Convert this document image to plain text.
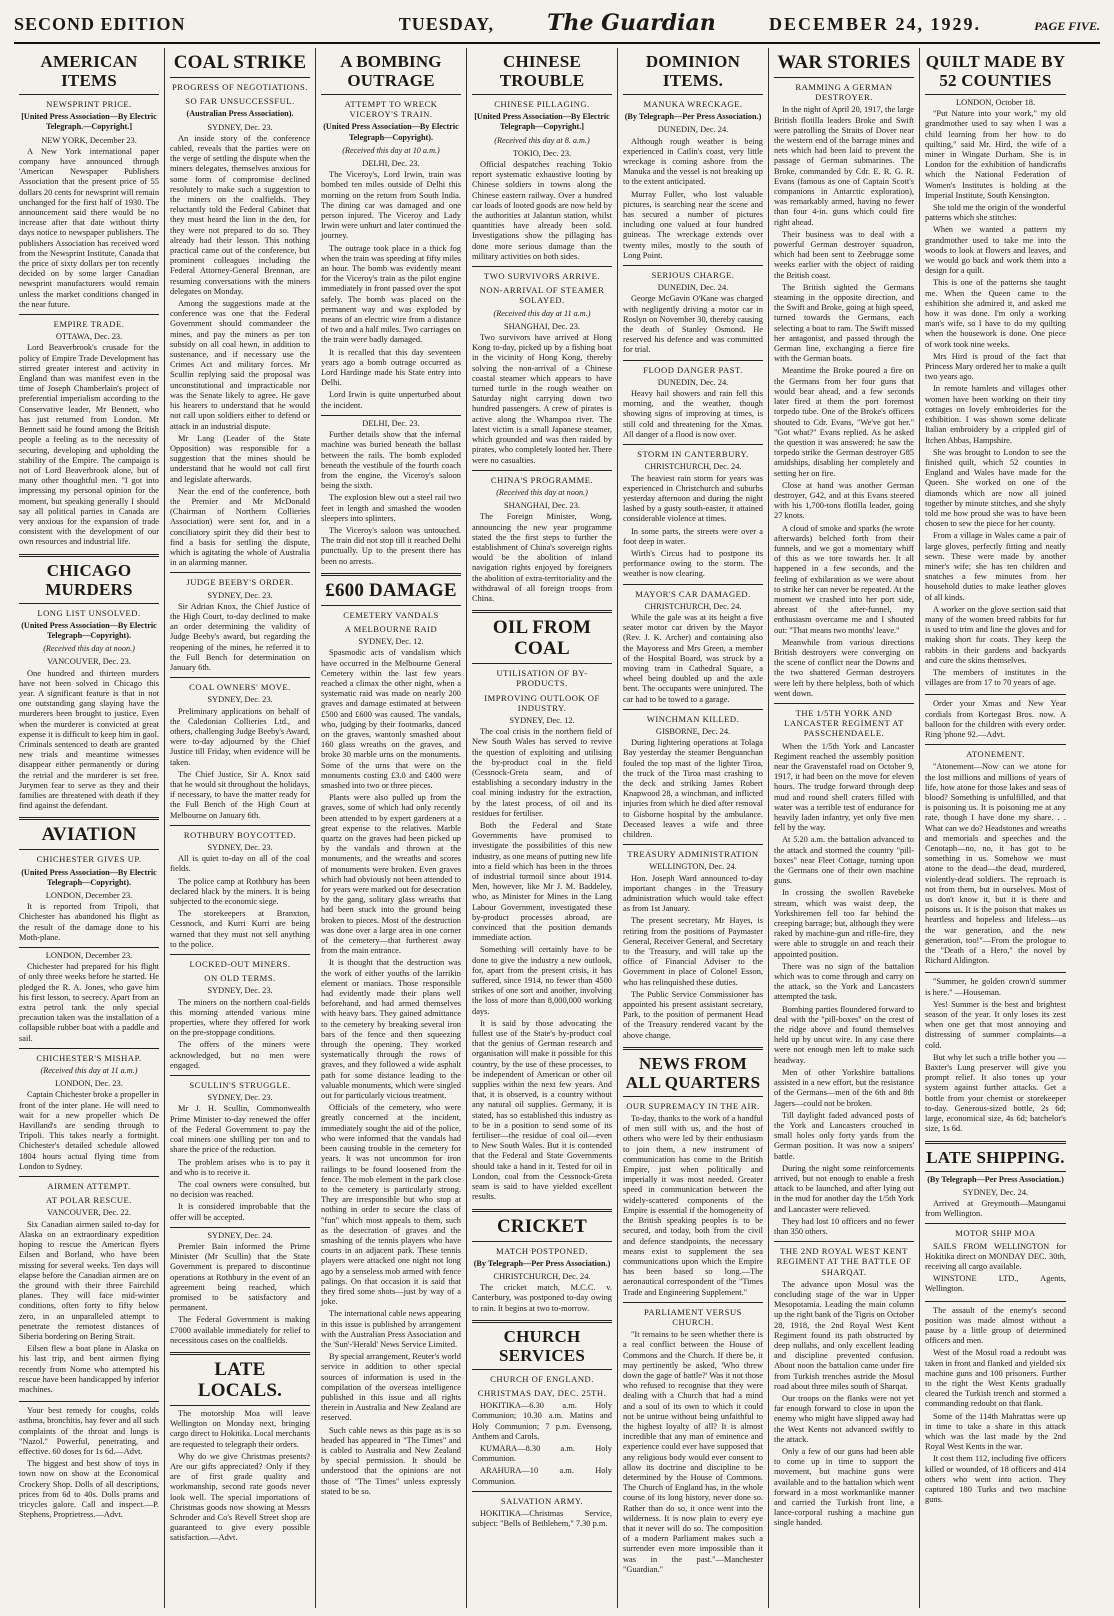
SECOND EDITION	TUESDAY, The Guardian	DECEMBER 24, 1929.	PAGE FIVE.
AMERICAN ITEMS
NEWSPRINT PRICE.
[United Press Association—By Electric Telegraph.—Copyright.]
NEW YORK, December 23.

A New York international paper company have announced through 'American Newspaper Publishers Association that the present price of 55 dollars 20 cents for newsprint will remain unchanged for the first half of 1930. The announcement said there would be no increase after that date without thirty days notice to newspaper publishers. The publishers Association has received word from the Newsprint Institute, Canada that the price of sixty dollars per ton recently decided on by some larger Canadian newsprint manufacturers would remain unless the market conditions changed in the near future.

EMPIRE TRADE.
OTTAWA, Dec. 23.

Lord Beaverbrook's crusade for the policy of Empire Trade Development has stirred greater interest and activity in England than was manifest even in the time of Joseph Chamberlain's project of preferential imperialism according to the Conservative leader, Mr Bennett, who has just returned from London. Mr Bennett said he found among the British people a feeling as to the necessity of securing, developing and upholding the stability of the Empire. The campaign is not of Lord Beaverbrook alone, but of many other thoughtful men. "I got into impressing my personal opinion for the moment, but speaking generally I should say all political parties in Canada are very anxious for the expansion of trade consistent with the development of our own resources and industrial life.

CHICAGO MURDERS
LONG LIST UNSOLVED.
(United Press Association—By Electric Telegraph—Copyright).
(Received this day at noon.)
VANCOUVER, Dec. 23.

One hundred and thirteen murders have not been solved in Chicago this year. A significant feature is that in not one outstanding gang slaying have the murderers been brought to justice. Even when the murderer is convicted at great expense it is difficult to keep him in gaol. Criminals sentenced to death are granted new trials and meantime witnesses disappear either permanently or during the retrial and the murderer is set free. Jurymen fear to serve as they and their families are threatened with death if they find against the defendant.

AVIATION
CHICHESTER GIVES UP.
(United Press Association—By Electric Telegraph—Copyright).
LONDON, December 23.

It is reported from Tripoli, that Chichester has abandoned his flight as the result of the damage done to his Moth-plane.

LONDON, December 23.

Chichester had prepared for his flight of only three weeks before he started. He pledged the R. A. Jones, who gave him his first lesson, to secrecy. Apart from an extra petrol tank the only special precaution taken was the installation of a collapsible rubber boat with a paddle and sail.

CHICHESTER'S MISHAP.
(Received this day at 11 a.m.)
LONDON, Dec. 23.

Captain Chichester broke a propeller in front of the inter plane. He will need to wait for a new propeller which De Havilland's are sending through to Tripoli. This takes nearly a fortnight. Chichester's detailed schedule allowed 1804 hours actual flying time from London to Sydney.

AIRMEN ATTEMPT.
AT POLAR RESCUE.
VANCOUVER, Dec. 22.

Six Canadian airmen sailed to-day for Alaska on an extraordinary expedition hoping to rescue the American flyers Eilsen and Borland, who have been missing for several weeks. Ten days will elapse before the Canadian airmen are on the ground with their three Fairchild planes. They will face mid-winter conditions, often forty to fifty below zero, in an unparalleled attempt to penetrate the remotest distances of Siberia bordering on Bering Strait.

Eilsen flew a boat plane in Alaska on his last trip, and bent airmen flying recently from Nome who attempted his rescue have been handicapped by inferior machines.

Your best remedy for coughs, colds asthma, bronchitis, hay fever and all such complaints of the throat and lungs is "Nazol." Powerful, penetrating, and effective. 60 doses for 1s 6d.—Advt.

The biggest and best show of toys in town now on show at the Economical Crockery Shop. Dolls of all descriptions, prices from 6d to 40s. Dolls prams and tricycles galore. Call and inspect.—P. Stephens, Proprietress.—Advt.

COAL STRIKE
PROGRESS OF NEGOTIATIONS.
SO FAR UNSUCCESSFUL.
(Australian Press Association).
SYDNEY, Dec. 23.

An inside story of the conference cabled, reveals that the parties were on the verge of settling the dispute when the miners delegates, themselves anxious for some form of compromise declined resolutely to make such a suggestion to the miners on the coalfields. They reluctantly told the Federal Cabinet that they must heard the lion in the den, for they were not prepared to do so. They already had their lesson. This nothing practical came out of the conference, but prominent colleagues including the Federal Attorney-General Brennan, are resuming conversations with the miners delegates on Monday.

Among the suggestions made at the conference was one that the Federal Government should commandeer the mines, and pay the miners as per ton subsidy on all coal hewn, in addition to sustenance, and if necessary use the Crimes Act and military forces. Mr Scullin replying said the proposal was unconstitutional and impracticable nor was the Senate likely to agree. He gave his hearers to understand that he would not call upon soldiers either to defend or attack in an industrial dispute.

Mr Lang (Leader of the State Opposition) was responsible for a suggestion that the mines should be understand that he would not call first and legislate afterwards.

Near the end of the conference, both the Premier and Mr McDonald (Chairman of Northern Collieries Association) were sent for, and in a conciliatory spirit they did their best to find a basis for settling the dispute, which is agitating the whole of Australia in an alarming manner.

JUDGE BEEBY'S ORDER.
SYDNEY, Dec. 23.

Sir Adrian Knox, the Chief Justice of the High Court, to-day declined to make an order determining the validity of Judge Beeby's award, but regarding the reopening of the mines, he referred it to the Full Bench for determination on January 6th.

COAL OWNERS' MOVE.
SYDNEY, Dec. 23.

Preliminary applications on behalf of the Caledonian Collieries Ltd., and others, challenging Judge Beeby's Award, were to-day adjourned by the Chief Justice till Friday, when evidence will be taken.

The Chief Justice, Sir A. Knox said that he would sit throughout the holidays, if necessary, to have the matter ready for the Full Bench of the High Court at Melbourne on January 6th.

ROTHBURY BOYCOTTED.
SYDNEY, Dec. 23.

All is quiet to-day on all of the coal fields.

The police camp at Rothbury has been declared black by the miners. It is being subjected to the economic siege.

The storekeepers at Branxton, Cessnock, and Kurri Kurri are being warned that they must not sell anything to the police.

LOCKED-OUT MINERS.
ON OLD TERMS.
SYDNEY, Dec. 23.

The miners on the northern coal-fields this morning attended various mine properties, where they offered for work on the pre-stoppage conditions.

The offers of the miners were acknowledged, but no men were engaged.

SCULLIN'S STRUGGLE.
SYDNEY, Dec. 23.

Mr J. H. Scullin, Commonwealth Prime Minister to-day renewed the offer of the Federal Government to pay the coal miners one shilling per ton and to share the price of the reduction.

The problem arises who is to pay it and who is to receive it.

The coal owners were consulted, but no decision was reached.

It is considered improbable that the offer will be accepted.

SYDNEY, Dec. 24.

Premier Bain informed the Prime Minister (Mr Scullin) that the State Government is prepared to discontinue operations at Rothbury in the event of an agreement being reached, which promised to be satisfactory and permanent.

The Federal Government is making £7000 available immediately for relief to necessitous cases on the coalfields.

LATE LOCALS.

The motorship Moa will leave Wellington on Monday next, bringing cargo direct to Hokitika. Local merchants are requested to telegraph their orders.

Why do we give Christmas presents? Are our gifts appreciated? Only if they are of first grade quality and workmanship, second rate goods never look well. The special importations of Christmas goods now showing at Messrs Schroder and Co's Revell Street shop are guaranteed to give every possible satisfaction.—Advt.

A BOMBING OUTRAGE
ATTEMPT TO WRECK VICEROY'S TRAIN.
(United Press Association—By Electric Telegraph—Copyright).
(Received this day at 10 a.m.)
DELHI, Dec. 23.

The Viceroy's, Lord Irwin, train was bombed ten miles outside of Delhi this morning on the return from South India. The dining car was damaged and one person injured. The Viceroy and Lady Irwin were unhurt and later continued the journey.

The outrage took place in a thick fog when the train was speeding at fifty miles an hour. The bomb was evidently meant for the Viceroy's train as the pilot engine immediately in front passed over the spot safely. The bomb was placed on the permanent way and was exploded by means of an electric wire from a distance of two and a half miles. Two carriages on the train were badly damaged.

It is recalled that this day seventeen years ago a bomb outrage occurred as Lord Hardinge made his State entry into Delhi.

Lord Irwin is quite unperturbed about the incident.

DELHI, Dec. 23.

Further details show that the infernal machine was buried beneath the ballast between the rails. The bomb exploded beneath the vestibule of the fourth coach from the engine, the Viceroy's saloon being the sixth.

The explosion blew out a steel rail two feet in length and smashed the wooden sleepers into splinters.

The Viceroy's saloon was untouched. The train did not stop till it reached Delhi punctually. Up to the present there has been no arrests.

£600 DAMAGE
CEMETERY VANDALS
A MELBOURNE RAID
SYDNEY, Dec. 12.

Spasmodic acts of vandalism which have occurred in the Melbourne General Cemetery within the last few years reached a climax the other night, when a systematic raid was made on nearly 200 graves and damage estimated at between £500 and £600 was caused. The vandals, who, judging by their footmarks, danced on the graves, wantonly smashed about 160 glass wreaths on the graves, and broke 30 marble urns on the monuments. Some of the urns that were on the monuments costing £3.0 and £400 were smashed into two or three pieces.

Plants were also pulled up from the graves, some of which had only recently been attended to by expert gardeners at a great expense to the relatives. Marble quartz on the graves had been picked up by the vandals and thrown at the monuments, and the wreaths and scores of monuments were broken. Even graves which had obviously not been attended to for years were marked out for desecration by the gang, solitary glass wreaths that had been stuck into the ground being broken to pieces. Most of the destruction was done over a large area in one corner of the cemetery—that furtherest away from the main entrance.

It is thought that the destruction was the work of either youths of the larrikin element or maniacs. Those responsible had evidently made their plans well beforehand, and had armed themselves with heavy bars. They gained admittance to the cemetery by breaking several iron bars of the fence and then squeezing through the opening. They worked systematically through the rows of graves, and they followed a wide asphalt path for some distance leading to the valuable monuments, which were singled out for particularly vicious treatment.

Officials of the cemetery, who were greatly concerned at the incident, immediately sought the aid of the police, who were informed that the vandals had been causing trouble in the cemetery for years. It was not uncommon for iron railings to be found loosened from the fence. The mob element in the park close to the cemetery is particularly strong. They are irresponsible but who stop at nothing in order to secure the class of "fun" which most appeals to them, such as the desecration of graves and the smashing of the tennis players who have courts in an adjacent park. These tennis players were attacked one night not long ago by a senseless mob armed with fence palings. On that occasion it is said that they fired some shots—just by way of a joke.

The international cable news appearing in this issue is published by arrangement with the Australian Press Association and the 'Sun'-'Herald' News Service Limited.

By special arrangement, Reuter's world service in addition to other special sources of information is used in the compilation of the overseas intelligence published in this issue and all rights therein in Australia and New Zealand are reserved.

Such cable news as this page as is so headed has appeared in "The Times" and is cabled to Australia and New Zealand by special permission. It should be understood that the opinions are not those of "The Times" unless expressly stated to be so.

CHINESE TROUBLE
CHINESE PILLAGING.
[United Press Association—By Electric Telegraph—Copyright.]
(Received this day at 8. a.m.)
TOKIO, Dec. 23.

Official despatches reaching Tokio report systematic exhaustive looting by Chinese soldiers in towns along the Chinese eastern railway. Over a hundred car loads of looted goods are now held by the authorities at Jalantun station, whilst quantities have already been sold. Investigations show the pillaging has done more serious damage than the military activities on both sides.

TWO SURVIVORS ARRIVE.
NON-ARRIVAL OF STEAMER SOLAYED.
(Received this day at 11 a.m.)
SHANGHAI, Dec. 23.

Two survivors have arrived at Hong Kong to-day, picked up by a fishing boat in the vicinity of Hong Kong, thereby solving the non-arrival of a Chinese coastal steamer which appears to have turned turtle in the rough weather on Saturday night carrying down two hundred passengers. A crew of pirates is active along the Whampoa river. The latest victim is a small Japanese steamer, which grounded and was then raided by pirates, who completely looted her. There were no casualties.

CHINA'S PROGRAMME.
(Received this day at noon.)
SHANGHAI, Dec. 23.

The Foreign Minister, Wong, announcing the new year programme stated the the first steps to further the establishment of China's sovereign rights would be the abolition of inland navigation rights enjoyed by foreigners the abolition of extra-territoriality and the withdrawal of all foreign troops from China.

OIL FROM COAL
UTILISATION OF BY-PRODUCTS.
IMPROVING OUTLOOK OF INDUSTRY.
SYDNEY, Dec. 12.

The coal crisis in the northern field of New South Wales has served to revive the question of exploiting and utilising the by-product coal in the field (Cessnock-Greta seam, and of establishing a secondary industry in the coal mining industry for the extraction, by the latest process, of oil and its residues for fertiliser.

Both the Federal and State Governments have promised to investigate the possibilities of this new industry, as one means of putting new life into a field which has been in the throes of industrial turmoil since about 1914. Men, however, like Mr J. M. Baddeley, who, as Minister for Mines in the Lang Labour Government, investigated these by-product processes abroad, are convinced that the position demands immediate action.

Something will certainly have to be done to give the industry a new outlook, for, apart from the present crisis, it has suffered, since 1914, no fewer than 4500 strikes of one sort and another, involving the loss of more than 8,000,000 working days.

It is said by those advocating the fullest use of the State's by-product coal that the genius of German research and organisation will make it possible for this country, by the use of these processes, to be independent of American or other oil supplies within the next few years. And that, it is observed, is a country without any natural oil supplies. Germany, it is stated, has so established this industry as to be in a position to send some of its fertiliser—the residue of coal oil—even to New South Wales. But it is contended that the Federal and State Governments should take a hand in it. Tested for oil in London, coal from the Cessnock-Greta seam is said to have yielded excellent results.

CRICKET
MATCH POSTPONED.
(By Telegraph—Per Press Association.)
CHRISTCHURCH, Dec. 24.

The cricket match, M.C.C. v. Canterbury, was postponed to-day owing to rain. It begins at two to-morrow.

CHURCH SERVICES
CHURCH OF ENGLAND.
CHRISTMAS DAY, DEC. 25TH.

HOKITIKA—6.30 a.m. Holy Communion; 10.30 a.m. Matins and Holy Communion; 7 p.m. Evensong, Anthem and Carols.

KUMARA—8.30 a.m. Holy Communion.

ARAHURA—10 a.m. Holy Communion.

SALVATION ARMY.

HOKITIKA—Christmas Service, subject: "Bells of Bethlehem," 7.30 p.m.

DOMINION ITEMS.
MANUKA WRECKAGE.
(By Telegraph—Per Press Association.)
DUNEDIN, Dec. 24.

Although rough weather is being experienced in Catlin's coast, very little wreckage is coming ashore from the Manuka and the vessel is not breaking up to the extent anticipated.

Murray Fuller, who lost valuable pictures, is searching near the scene and has secured a number of pictures including one valued at four hundred guineas. The wreckage extends over twenty miles, mostly to the south of Long Point.

SERIOUS CHARGE.
DUNEDIN, Dec. 24.

George McGavin O'Kane was charged with negligently driving a motor car in Roslyn on November 30, thereby causing the death of Stanley Osmond. He reserved his defence and was committed for trial.

FLOOD DANGER PAST.
DUNEDIN, Dec. 24.

Heavy hail showers and rain fell this morning, and the weather, though showing signs of improving at times, is still cold and threatening for the Xmas. All danger of a flood is now over.

STORM IN CANTERBURY.
CHRISTCHURCH, Dec. 24.

The heaviest rain storm for years was experienced in Christchurch and suburbs yesterday afternoon and during the night lashed by a gusty south-easter, it attained considerable violence at times.

In some parts, the streets were over a foot deep in water.

Wirth's Circus had to postpone its performance owing to the storm. The weather is now clearing.

MAYOR'S CAR DAMAGED.
CHRISTCHURCH, Dec. 24.

While the gale was at its height a five seater motor car driven by the Mayor (Rev. J. K. Archer) and containing also the Mayoress and Mrs Green, a member of the Hospital Board, was struck by a moving tram in Cathedral Square, a wheel being doubled up and the axle bent. The occupants were uninjured. The car had to be towed to a garage.

WINCHMAN KILLED.
GISBORNE, Dec. 24.

During lightering operations at Tolaga Bay yesterday the steamer Benguanchan fouled the top mast of the lighter Tiroa, the truck of the Tiroa mast crashing to the deck and striking James Robert Knapwood 28, a winchman, and inflicted injuries from which he died after removal to Gisborne hospital by the ambulance. Deceased leaves a wife and three children.

TREASURY ADMINISTRATION
WELLINGTON, Dec. 24.

Hon. Joseph Ward announced to-day important changes in the Treasury administration which would take effect as from 1st January.

The present secretary, Mr Hayes, is retiring from the positions of Paymaster General, Receiver General, and Secretary to the Treasury, and will take up the office of Financial Adviser to the Government in place of Colonel Esson, who has relinquished these duties.

The Public Service Commissioner has appointed his present assistant secretary, Park, to the position of permanent Head of the Treasury rendered vacant by the above change.

NEWS FROM ALL QUARTERS
OUR SUPREMACY IN THE AIR.

To-day, thanks to the work of a handful of men still with us, and the host of others who were led by their enthusiasm to join them, a new instrument of communication has come to the British Empire, just when politically and imperially it was most needed. Greater speed in communication between the widely-scattered components of the Empire is essential if the homogeneity of the British speaking peoples is to be secured, and today, both from the civil and defence standpoints, the necessary means exist to supplement the sea communications upon which the Empire has been based so long.—The aeronautical correspondent of the "Times Trade and Engineering Supplement."

PARLIAMENT VERSUS CHURCH.

"It remains to be seen whether there is a real conflict between the House of Commons and the Church. If there be, it may pertinently be asked, 'Who threw down the gage of battle?' Was it not those who refused to recognise that they were dealing with a Church that had a mind and a soul of its own to which it could not be untrue without being unfaithful to the highest loyalty of all? It is almost incredible that any man of eminence and experience could ever have supposed that any religious body would ever consent to allow its doctrine and discipline to be determined by the House of Commons. The Church of England has, in the whole course of its long history, never done so. Rather than do so, it once went into the wilderness. It is now plain to every eye that it never will do so. The composition of a modern Parliament makes such a surrender even more impossible than it was in the past."—Manchester "Guardian."

WAR STORIES
RAMMING A GERMAN DESTROYER.

In the night of April 20, 1917, the large British flotilla leaders Broke and Swift were patrolling the Straits of Dover near the western end of the barrage mines and nets which had been laid to prevent the passage of German submarines. The Broke, commanded by Cdr. E. R. G. R. Evans (famous as one of Captain Scott's companions in Antarctic exploration), was remarkably armed, having no fewer than four 4-in. guns which could fire right ahead.

Their business was to deal with a powerful German destroyer squadron, which had been sent to Zeebrugge some weeks earlier with the object of raiding the British coast.

The British sighted the Germans steaming in the opposite direction, and the Swift and Broke, going at high speed, turned towards the Germans, each selecting a boat to ram. The Swift missed her antagonist, and passed through the German line, exchanging a fierce fire with the German boats.

Meantime the Broke poured a fire on the Germans from her four guns that would bear ahead, and a few seconds later fired at them the port foremost torpedo tube. One of the Broke's officers shouted to Cdr. Evans, "We've got her." "Got what?" Evans replied. As he asked the question it was answered: he saw the torpedo strike the German destroyer G85 amidships, disabling her completely and setting her on fire.

Close at hand was another German destroyer, G42, and at this Evans steered with his 1,700-tons flotilla leader, going 27 knots.

A cloud of smoke and sparks (he wrote afterwards) belched forth from their funnels, and we got a momentary whiff of this as we tore towards her. It all happened in a few seconds, and the feeling of exhilaration as we were about to strike her can never be repeated. At the moment we crashed into her port side, abreast of the after-funnel, my enthusiasm overcame me and I shouted out: "That means two months' leave."

Meanwhile from various directions British destroyers were converging on the scene of conflict near the Downs and the two shattered German destroyers were left by there helpless, both of which went down.

THE 1/5TH YORK AND LANCASTER REGIMENT AT PASSCHENDAELE.

When the 1/5th York and Lancaster Regiment reached the assembly position near the Gravenstafel road on October 9, 1917, it had been on the move for eleven hours. The trudge forward through deep mud and round shell craters filled with water was a terrible test of endurance for heavily laden infantry, yet only five men fell by the way.

At 5.20 a.m. the battalion advanced to the attack and stormed the country "pill-boxes" near Fleet Cottage, turning upon the Germans one of their own machine guns.

In crossing the swollen Ravebeke stream, which was waist deep, the Yorkshiremen fell too far behind the creeping barrage; but, although they were raked by machine-gun and rifle-fire, they were able to struggle on and reach their appointed position.

There was no sign of the battalion which was to come through and carry on the attack, so the York and Lancasters attempted the task.

Bombing parties floundered forward to deal with the "pill-boxes" on the crest of the ridge above and found themselves held up by uncut wire. In any case there were not enough men left to make such headway.

Men of other Yorkshire battalions assisted in a new effort, but the resistance of the Germans—men of the 6th and 8th Jagers—could not be broken.

Till daylight faded advanced posts of the York and Lancasters crouched in small holes only forty yards from the German position. It was now a snipers' battle.

During the night some reinforcements arrived, but not enough to enable a fresh attack to be launched, and after lying out in the mud for another day the 1/5th York and Lancaster were relieved.

They had lost 10 officers and no fewer than 350 others.

THE 2ND ROYAL WEST KENT REGIMENT AT THE BATTLE OF SHARQAT.

The advance upon Mosul was the concluding stage of the war in Upper Mesopotamia. Leading the main column up the right bank of the Tigris on October 28, 1918, the 2nd Royal West Kent Regiment found its path obstructed by deep nullahs, and only excellent leading and discipline prevented confusion. About noon the battalion came under fire from Turkish trenches astride the Mosul road about three miles south of Sharqat.

Our troops on the flanks were not yet far enough forward to close in upon the enemy who might have slipped away had the West Kents not advanced swiftly to the attack.

Only a few of our guns had been able to come up in time to support the movement, but machine guns were available and to the battalion which went forward in a most workmanlike manner and carried the Turkish front line, a lance-corporal rushing a machine gun single handed.

QUILT MADE BY 52 COUNTIES
LONDON, October 18.

"Put Nature into your work," my old grandmother used to say when I was a child learning from her how to do quilting," said Mr. Hird, the wife of a miner in Wingate Durham. She is in London for the exhibition of handicrafts which the National Federation of Women's Institutes is holding at the Imperial Institute, South Kensington.

She told me the origin of the wonderful patterns which she stitches:

When we wanted a pattern my grandmother used to take me into the woods to look at flowers and leaves, and we would go back and work them into a design for a quilt.

This is one of the patterns she taught me. When the Queen came to the exhibition she admired it, and asked me how it was done. I'm only a working man's wife, so I have to do my quilting when the housework is done. One piece of work took nine weeks.

Mrs Hird is proud of the fact that Princess Mary ordered her to make a quilt two years ago.

In remote hamlets and villages other women have been working on their tiny cottages on lovely embroideries for the exhibition. I was shown some delicate Italian embroidery by a crippled girl of Itchen Abbas, Hampshire.

She was brought to London to see the finished quilt, which 52 counties in England and Wales have made for the Queen. She worked on one of the diamonds which are now all joined together by minute stitches, and she shyly told me how proud she was to have been chosen to sew the piece for her county.

From a village in Wales came a pair of large gloves, perfectly fitting and neatly sewn. These were made by another miner's wife; she has ten children and snatches a few minutes from her household duties to make leather gloves of all kinds.

A worker on the glove section said that many of the women breed rabbits for fur is used to trim and line the gloves and for making short fur coats. They keep the rabbits in their gardens and backyards and cure the skins themselves.

The members of institutes in the villages are from 17 to 70 years of age.

Order your Xmas and New Year cordials from Kortegast Bros. now. A balloon for the children with every order. Ring 'phone 92.—Advt.

ATONEMENT.

"Atonement—Now can we atone for the lost millions and millions of years of life, how atone for those lakes and seas of blood? Something is unfulfilled, and that is poisoning us. It is poisoning me at any rate, though I have done my share. . . What can we do? Headstones and wreaths and memorials and speeches and the Cenotaph—no, no, it has got to be something in us. Somehow we must atone to the dead—the dead, murdered, violently-dead soldiers. The reproach is not from them, but in ourselves. Most of us don't know it, but it is there and poisons us. It is the poison that makes us heartless and hopeless and lifeless—us the war generation, and the new generation, too!"—From the prologue to the "Death of a Hero," the novel by Richard Aldington.

"Summer, he golden crown'd summer is here." —Houseman.

Yes! Summer is the best and brightest season of the year. It only loses its zest when one get that most annoying and distressing of summer complaints—a cold.

But why let such a trifle bother you —Baxter's Lung preserver will give you prompt relief. It also tones up your system against further attacks. Get a bottle from your chemist or storekeeper to-day. Generous-sized bottle, 2s 6d; large, economical size, 4s 6d; batchelor's size, 1s 6d.

LATE SHIPPING.
(By Telegraph—Per Press Association.)
SYDNEY, Dec. 24.

Arrived at Greymouth—Maunganui from Wellington.

MOTOR SHIP MOA

SAILS FROM WELLINGTON for Hokitika direct on MONDAY DEC. 30th, receiving all cargo available.

WINSTONE LTD., Agents, Wellington.

The assault of the enemy's second position was made almost without a pause by a little group of determined officers and men.

West of the Mosul road a redoubt was taken in front and flanked and yielded six machine guns and 100 prisoners. Further to the right the West Kents gradually cleared the Turkish trench and stormed a commanding redoubt on that flank.

Some of the 114th Mahrattas were up in time to take a share in this attack which was the last made by the 2nd Royal West Kents in the war.

It cost them 112, including five officers killed or wounded, of 18 officers and 414 others who went into action. They captured 180 Turks and two machine guns.
